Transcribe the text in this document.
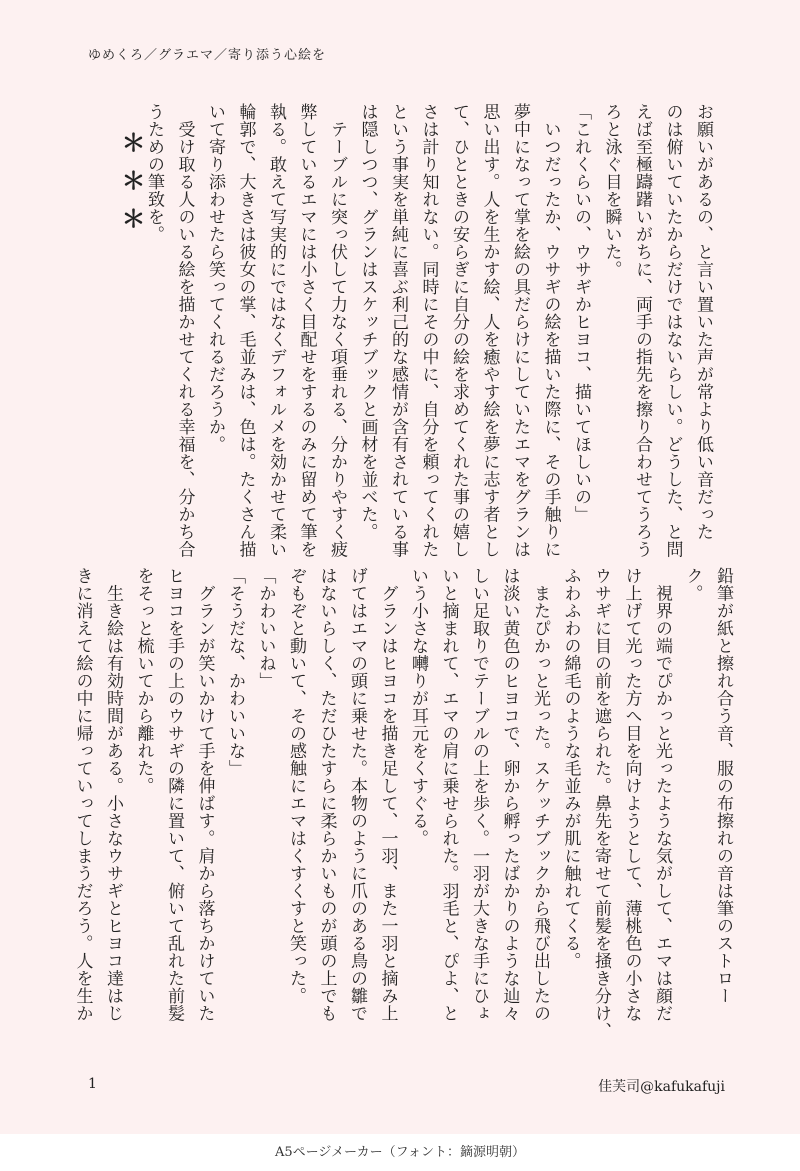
ゆめくろ／グラエマ／寄り添う心絵を

お願いがあるの、と言い置いた声が常より低い音だった

のは俯いていたからだけではないらしい。どうした、と問

えば至極躊躇いがちに、両手の指先を擦り合わせてうろう

ろと泳ぐ目を瞬いた。

「これくらいの、ウサギかヒヨコ、描いてほしいの」

　いつだったか、ウサギの絵を描いた際に、その手触りに

夢中になって掌を絵の具だらけにしていたエマをグランは

思い出す。人を生かす絵、人を癒やす絵を夢に志す者とし

て、ひとときの安らぎに自分の絵を求めてくれた事の嬉し

さは計り知れない。同時にその中に、自分を頼ってくれた

という事実を単純に喜ぶ利己的な感情が含有されている事

は隠しつつ、グランはスケッチブックと画材を並べた。

　テーブルに突っ伏して力なく項垂れる、分かりやすく疲

弊しているエマには小さく目配せをするのみに留めて筆を

執る。敢えて写実的にではなくデフォルメを効かせて柔い

輪郭で、大きさは彼女の掌、毛並みは、色は。たくさん描

いて寄り添わせたら笑ってくれるだろうか。

　受け取る人のいる絵を描かせてくれる幸福を、分かち合

うための筆致を。

＊＊＊

鉛筆が紙と擦れ合う音、服の布擦れの音は筆のストロー

ク。

　視界の端でぴかっと光ったような気がして、エマは顔だ

け上げて光った方へ目を向けようとして、薄桃色の小さな

ウサギに目の前を遮られた。鼻先を寄せて前髪を掻き分け、

ふわふわの綿毛のような毛並みが肌に触れてくる。

　またぴかっと光った。スケッチブックから飛び出したの

は淡い黄色のヒヨコで、卵から孵ったばかりのような辿々

しい足取りでテーブルの上を歩く。一羽が大きな手にひょ

いと摘まれて、エマの肩に乗せられた。羽毛と、ぴよ、と

いう小さな囀りが耳元をくすぐる。

　グランはヒヨコを描き足して、一羽、また一羽と摘み上

げてはエマの頭に乗せた。本物のように爪のある鳥の雛で

はないらしく、ただひたすらに柔らかいものが頭の上でも

ぞもぞと動いて、その感触にエマはくすくすと笑った。

「かわいいね」

「そうだな、かわいいな」

　グランが笑いかけて手を伸ばす。肩から落ちかけていた

ヒヨコを手の上のウサギの隣に置いて、俯いて乱れた前髪

をそっと梳いてから離れた。

　生き絵は有効時間がある。小さなウサギとヒヨコ達はじ

きに消えて絵の中に帰っていってしまうだろう。人を生か

1	佳芙司@kafukafuji
A5ページメーカー（フォント：鏑源明朝）
